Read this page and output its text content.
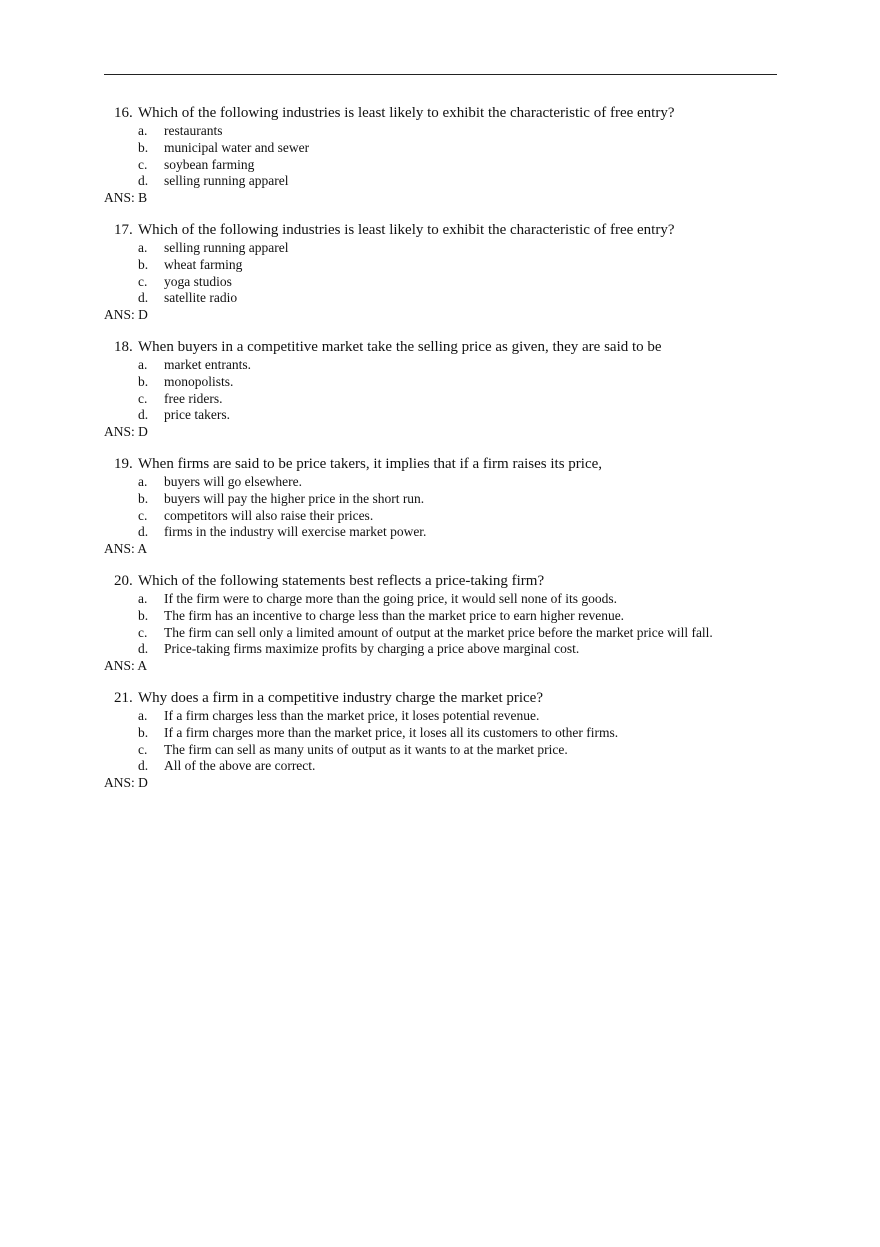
16. Which of the following industries is least likely to exhibit the characteristic of free entry?
a. restaurants
b. municipal water and sewer
c. soybean farming
d. selling running apparel
ANS: B
17. Which of the following industries is least likely to exhibit the characteristic of free entry?
a. selling running apparel
b. wheat farming
c. yoga studios
d. satellite radio
ANS: D
18. When buyers in a competitive market take the selling price as given, they are said to be
a. market entrants.
b. monopolists.
c. free riders.
d. price takers.
ANS: D
19. When firms are said to be price takers, it implies that if a firm raises its price,
a. buyers will go elsewhere.
b. buyers will pay the higher price in the short run.
c. competitors will also raise their prices.
d. firms in the industry will exercise market power.
ANS: A
20. Which of the following statements best reflects a price-taking firm?
a. If the firm were to charge more than the going price, it would sell none of its goods.
b. The firm has an incentive to charge less than the market price to earn higher revenue.
c. The firm can sell only a limited amount of output at the market price before the market price will fall.
d. Price-taking firms maximize profits by charging a price above marginal cost.
ANS: A
21. Why does a firm in a competitive industry charge the market price?
a. If a firm charges less than the market price, it loses potential revenue.
b. If a firm charges more than the market price, it loses all its customers to other firms.
c. The firm can sell as many units of output as it wants to at the market price.
d. All of the above are correct.
ANS: D
